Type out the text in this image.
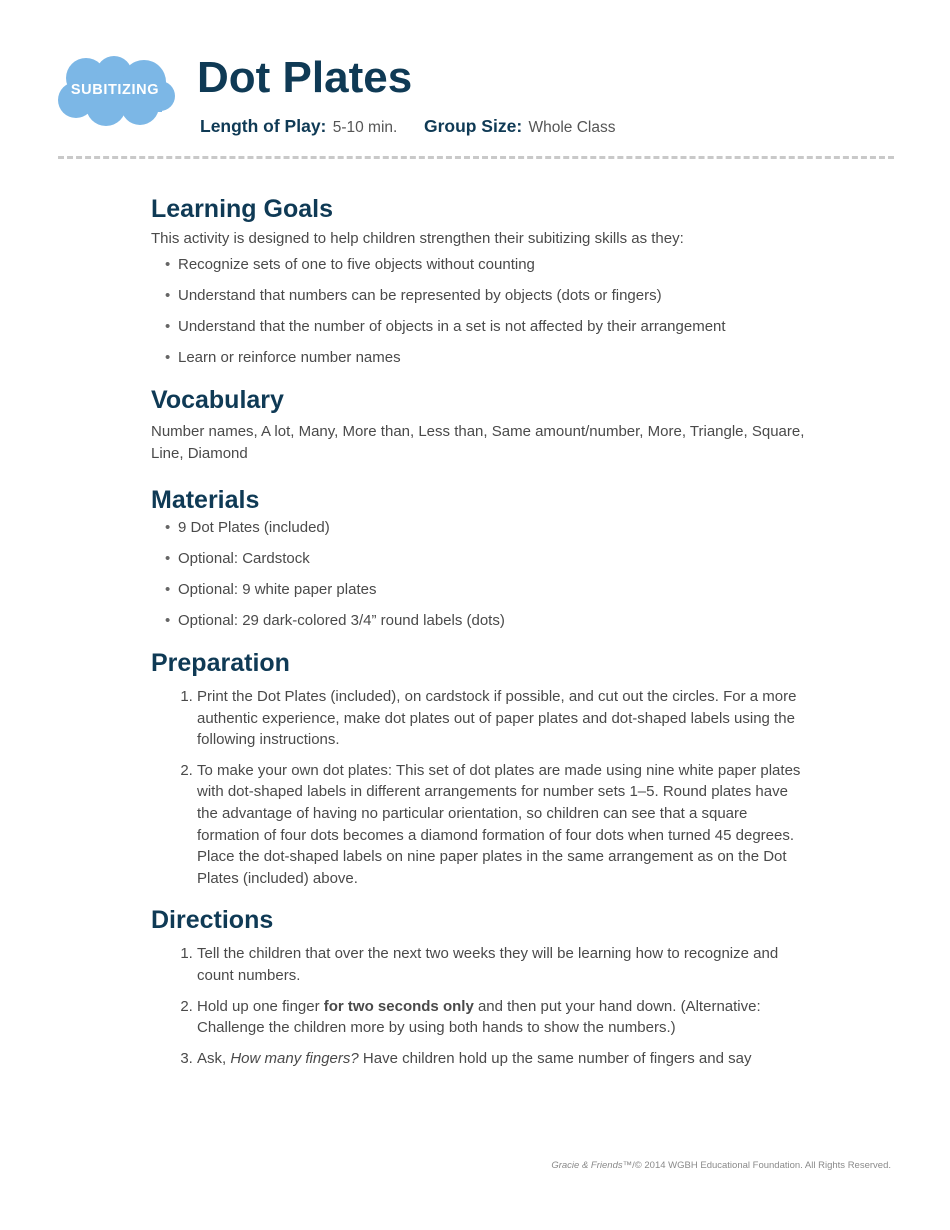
SUBITIZING Dot Plates
Length of Play: 5-10 min. Group Size: Whole Class
Learning Goals

This activity is designed to help children strengthen their subitizing skills as they:

• Recognize sets of one to five objects without counting
• Understand that numbers can be represented by objects (dots or fingers)
• Understand that the number of objects in a set is not affected by their arrangement
• Learn or reinforce number names
Vocabulary

Number names, A lot, Many, More than, Less than, Same amount/number, More, Triangle, Square, Line, Diamond

Materials
• 9 Dot Plates (included)
• Optional: Cardstock
• Optional: 9 white paper plates
• Optional: 29 dark-colored 3/4” round labels (dots)
Preparation
1. Print the Dot Plates (included), on cardstock if possible, and cut out the circles. For a more authentic experience, make dot plates out of paper plates and dot-shaped labels using the following instructions.
2. To make your own dot plates: This set of dot plates are made using nine white paper plates with dot-shaped labels in different arrangements for number sets 1–5. Round plates have the advantage of having no particular orientation, so children can see that a square formation of four dots becomes a diamond formation of four dots when turned 45 degrees. Place the dot-shaped labels on nine paper plates in the same arrangement as on the Dot Plates (included) above.
Directions
1. Tell the children that over the next two weeks they will be learning how to recognize and count numbers.
2. Hold up one finger for two seconds only and then put your hand down. (Alternative: Challenge the children more by using both hands to show the numbers.)
3. Ask, How many fingers? Have children hold up the same number of fingers and say
Gracie & Friends™/© 2014 WGBH Educational Foundation. All Rights Reserved.
